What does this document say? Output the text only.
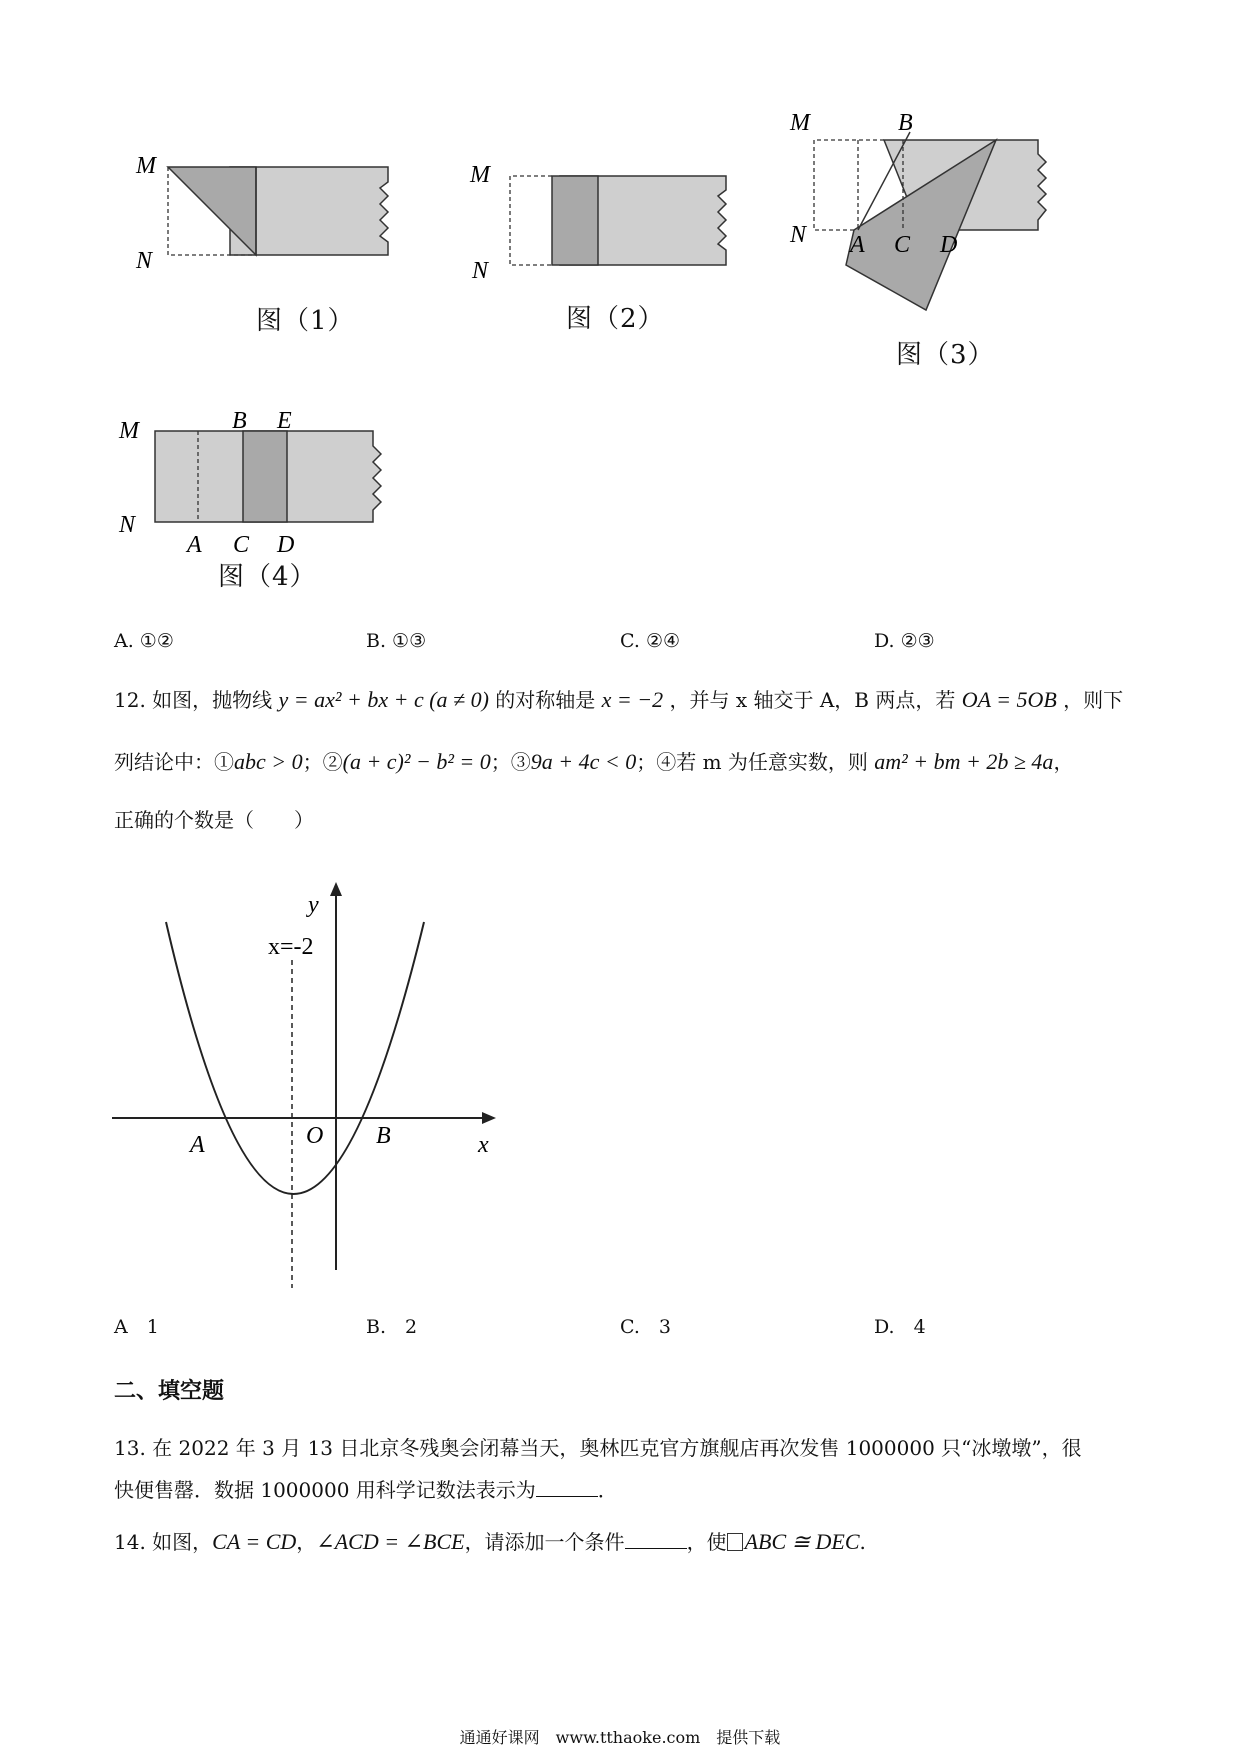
M
N
图（1）
M
N
图（2）
M	B
N A C D
图（3）
M	B E
N
A C D
图（4）
A. ①②	B. ①③	C. ②④	D. ②③
12. 如图，抛物线 y = ax² + bx + c (a ≠ 0) 的对称轴是 x = −2 ，并与 x 轴交于 A，B 两点，若 OA = 5OB ，则下
列结论中：①abc > 0；②(a + c)² − b² = 0；③9a + 4c < 0；④若 m 为任意实数，则 am² + bm + 2b ≥ 4a，
正确的个数是（　　）
y
x
x=-2
O
A	B
A　1	B.　2	C.　3	D.　4
二、填空题
13. 在 2022 年 3 月 13 日北京冬残奥会闭幕当天，奥林匹克官方旗舰店再次发售 1000000 只“冰墩墩”，很
快便售罄．数据 1000000 用科学记数法表示为	．
14. 如图，CA = CD，∠ACD = ∠BCE，请添加一个条件	，使 ABC ≅ DEC.
通通好课网　www.tthaoke.com　提供下载
